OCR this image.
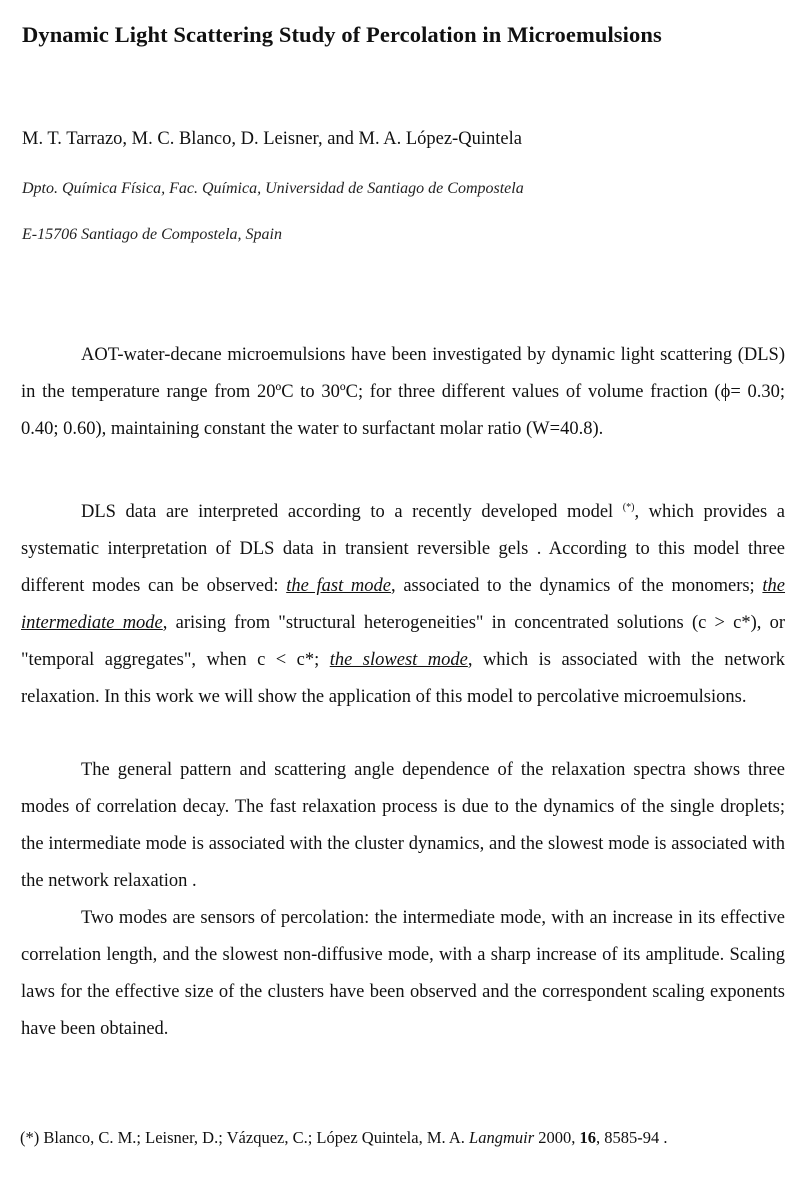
Dynamic Light Scattering Study of Percolation in Microemulsions
M. T. Tarrazo, M. C. Blanco, D. Leisner, and M. A. López-Quintela
Dpto. Química Física, Fac. Química, Universidad de Santiago de Compostela
E-15706 Santiago de Compostela, Spain

AOT-water-decane microemulsions have been investigated by dynamic light scattering (DLS) in the temperature range from 20ºC to 30ºC; for three different values of volume fraction (ϕ= 0.30; 0.40; 0.60), maintaining constant the water to surfactant molar ratio (W=40.8).

DLS data are interpreted according to a recently developed model (*), which provides a systematic interpretation of DLS data in transient reversible gels . According to this model three different modes can be observed: the fast mode, associated to the dynamics of the monomers; the intermediate mode, arising from "structural heterogeneities" in concentrated solutions (c > c*), or "temporal aggregates", when c < c*; the slowest mode, which is associated with the network relaxation. In this work we will show the application of this model to percolative microemulsions.

The general pattern and scattering angle dependence of the relaxation spectra shows three modes of correlation decay. The fast relaxation process is due to the dynamics of the single droplets; the intermediate mode is associated with the cluster dynamics, and the slowest mode is associated with the network relaxation .

Two modes are sensors of percolation: the intermediate mode, with an increase in its effective correlation length, and the slowest non-diffusive mode, with a sharp increase of its amplitude. Scaling laws for the effective size of the clusters have been observed and the correspondent scaling exponents have been obtained.

(*) Blanco, C. M.; Leisner, D.; Vázquez, C.; López Quintela, M. A. Langmuir 2000, 16, 8585-94 .
